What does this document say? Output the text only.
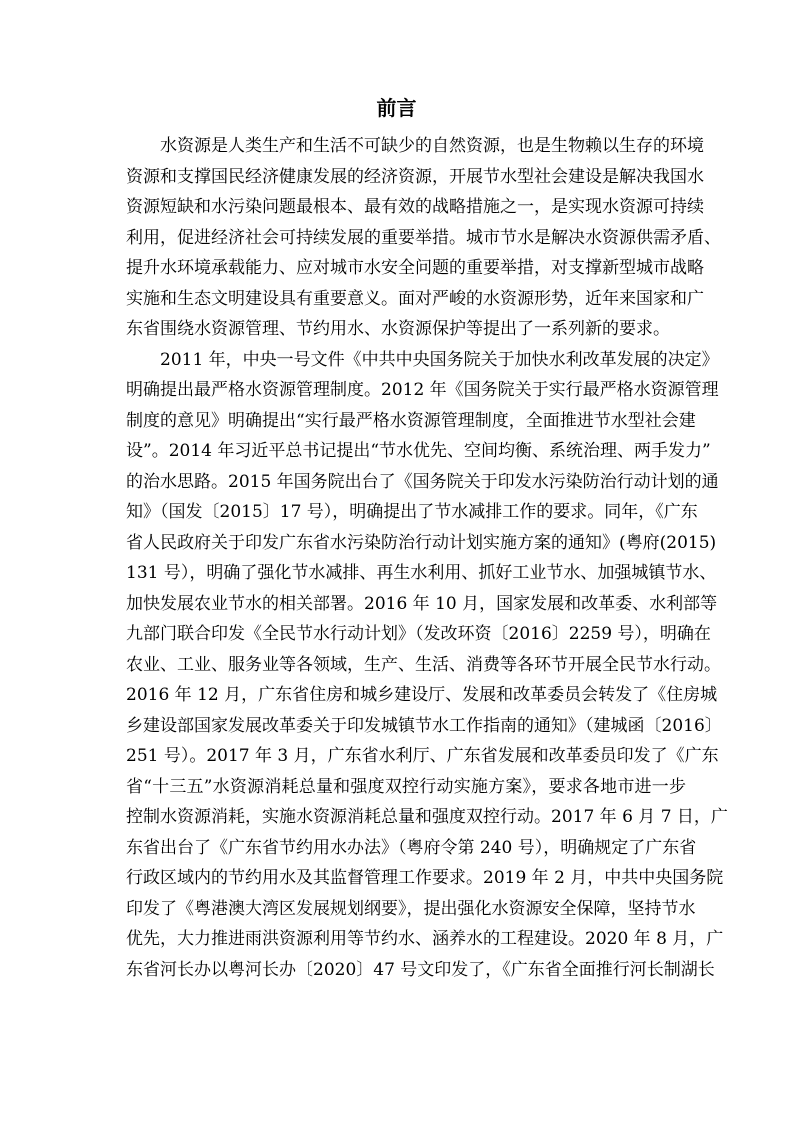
前言
水资源是人类生产和生活不可缺少的自然资源，也是生物赖以生存的环境
资源和支撑国民经济健康发展的经济资源，开展节水型社会建设是解决我国水
资源短缺和水污染问题最根本、最有效的战略措施之一，是实现水资源可持续
利用，促进经济社会可持续发展的重要举措。城市节水是解决水资源供需矛盾、
提升水环境承载能力、应对城市水安全问题的重要举措，对支撑新型城市战略
实施和生态文明建设具有重要意义。面对严峻的水资源形势，近年来国家和广
东省围绕水资源管理、节约用水、水资源保护等提出了一系列新的要求。
2011 年，中央一号文件《中共中央国务院关于加快水利改革发展的决定》
明确提出最严格水资源管理制度。2012 年《国务院关于实行最严格水资源管理
制度的意见》明确提出“实行最严格水资源管理制度，全面推进节水型社会建
设”。2014 年习近平总书记提出“节水优先、空间均衡、系统治理、两手发力”
的治水思路。2015 年国务院出台了《国务院关于印发水污染防治行动计划的通
知》（国发〔2015〕17 号），明确提出了节水减排工作的要求。同年，《广东
省人民政府关于印发广东省水污染防治行动计划实施方案的通知》(粤府(2015)
131 号），明确了强化节水减排、再生水利用、抓好工业节水、加强城镇节水、
加快发展农业节水的相关部署。2016 年 10 月，国家发展和改革委、水利部等
九部门联合印发《全民节水行动计划》（发改环资〔2016〕2259 号），明确在
农业、工业、服务业等各领域，生产、生活、消费等各环节开展全民节水行动。
2016 年 12 月，广东省住房和城乡建设厅、发展和改革委员会转发了《住房城
乡建设部国家发展改革委关于印发城镇节水工作指南的通知》（建城函〔2016〕
251 号）。2017 年 3 月，广东省水利厅、广东省发展和改革委员印发了《广东
省“十三五”水资源消耗总量和强度双控行动实施方案》，要求各地市进一步
控制水资源消耗，实施水资源消耗总量和强度双控行动。2017 年 6 月 7 日，广
东省出台了《广东省节约用水办法》（粤府令第 240 号），明确规定了广东省
行政区域内的节约用水及其监督管理工作要求。2019 年 2 月，中共中央国务院
印发了《粤港澳大湾区发展规划纲要》，提出强化水资源安全保障，坚持节水
优先，大力推进雨洪资源利用等节约水、涵养水的工程建设。2020 年 8 月，广
东省河长办以粤河长办〔2020〕47 号文印发了，《广东省全面推行河长制湖长
